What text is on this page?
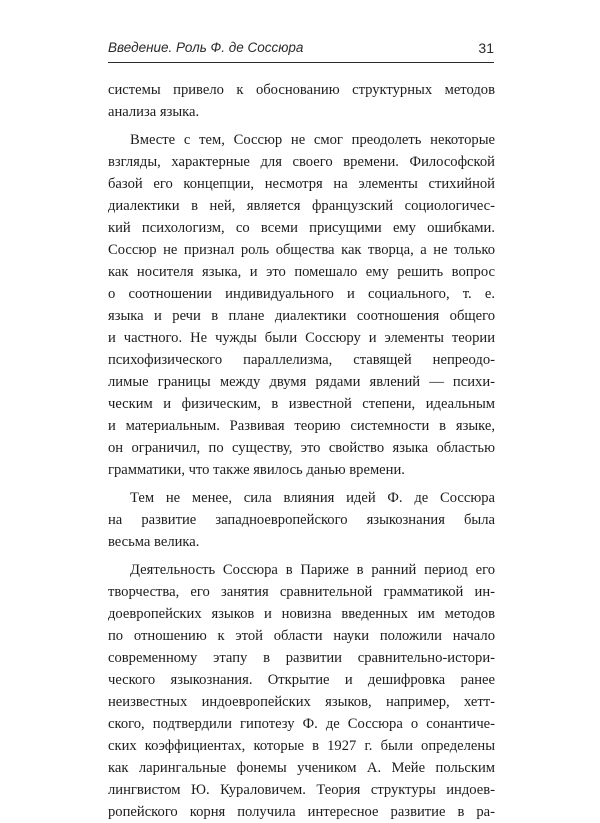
Введение. Роль Ф. де Соссюра	31
системы привело к обоснованию структурных методов
анализа языка.
Вместе с тем, Соссюр не смог преодолеть некоторые
взгляды, характерные для своего времени. Философской
базой его концепции, несмотря на элементы стихийной
диалектики в ней, является французский социологичес-
кий психологизм, со всеми присущими ему ошибками.
Соссюр не признал роль общества как творца, а не только
как носителя языка, и это помешало ему решить вопрос
о соотношении индивидуального и социального, т. е.
языка и речи в плане диалектики соотношения общего
и частного. Не чужды были Соссюру и элементы теории
психофизического параллелизма, ставящей непреодо-
лимые границы между двумя рядами явлений — психи-
ческим и физическим, в известной степени, идеальным
и материальным. Развивая теорию системности в языке,
он ограничил, по существу, это свойство языка областью
грамматики, что также явилось данью времени.
Тем не менее, сила влияния идей Ф. де Соссюра
на развитие западноевропейского языкознания была
весьма велика.
Деятельность Соссюра в Париже в ранний период его
творчества, его занятия сравнительной грамматикой ин-
доевропейских языков и новизна введенных им методов
по отношению к этой области науки положили начало
современному этапу в развитии сравнительно-истори-
ческого языкознания. Открытие и дешифровка ранее
неизвестных индоевропейских языков, например, хетт-
ского, подтвердили гипотезу Ф. де Соссюра о сонантиче-
ских коэффициентах, которые в 1927 г. были определены
как ларингальные фонемы учеником А. Мейе польским
лингвистом Ю. Кураловичем. Теория структуры индоев-
ропейского корня получила интересное развитие в ра-
